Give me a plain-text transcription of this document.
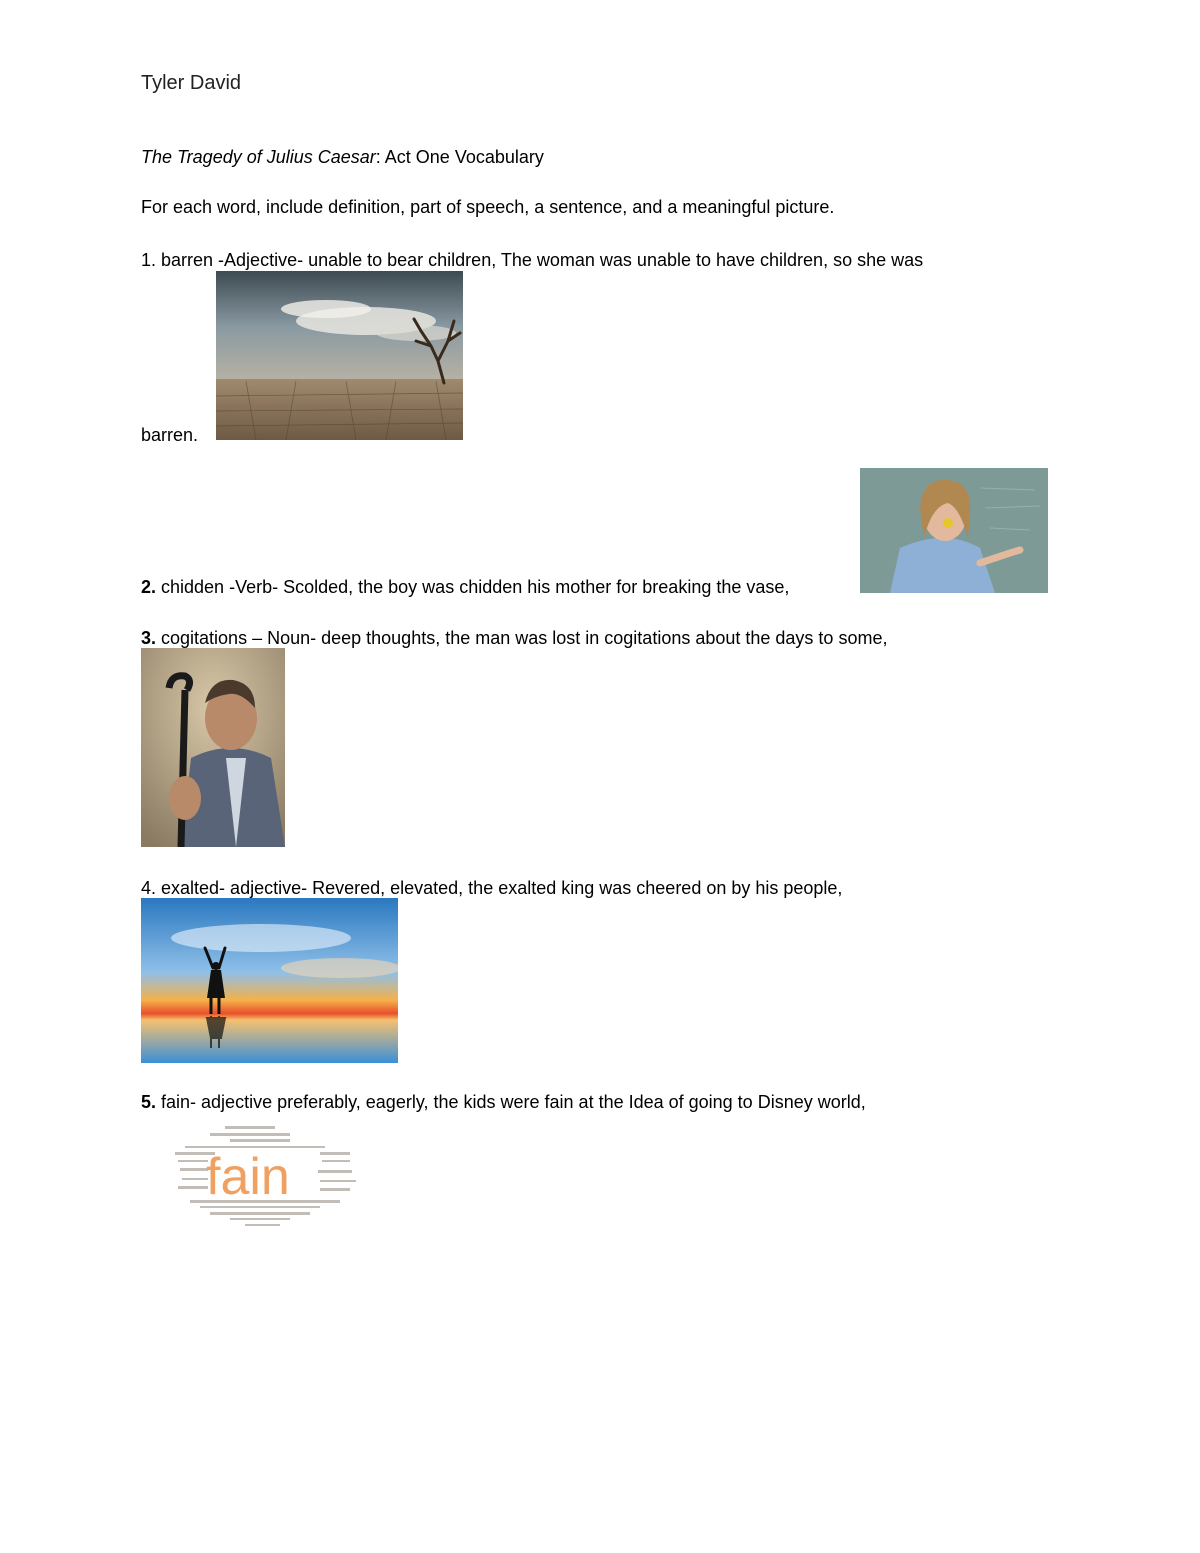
Tyler David
The Tragedy of Julius Caesar: Act One Vocabulary
For each word, include definition, part of speech, a sentence, and a meaningful picture.
1. barren -Adjective- unable to bear children, The woman was unable to have children, so she was
barren.
2. chidden -Verb- Scolded, the boy was chidden his mother for breaking the vase,
3. cogitations – Noun- deep thoughts, the man was lost in cogitations about the days to some,
4. exalted- adjective- Revered, elevated, the exalted king was cheered on by his people,
5. fain- adjective preferably, eagerly, the kids were fain at the Idea of going to Disney world,
fain
